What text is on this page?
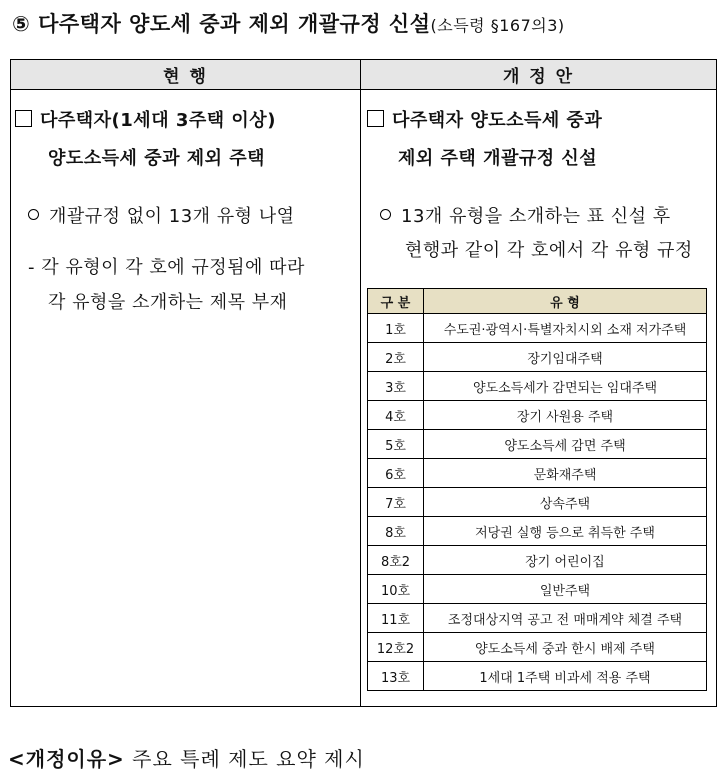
⑤ 다주택자 양도세 중과 제외 개괄규정 신설(소득령 §167의3)
현 행	개 정 안
다주택자(1세대 3주택 이상)
양도소득세 중과 제외 주택
개괄규정 없이 13개 유형 나열
- 각 유형이 각 호에 규정됨에 따라
각 유형을 소개하는 제목 부재
다주택자 양도소득세 중과
제외 주택 개괄규정 신설
13개 유형을 소개하는 표 신설 후
현행과 같이 각 호에서 각 유형 규정
구 분	유 형
1호	수도권·광역시·특별자치시외 소재 저가주택
2호	장기임대주택
3호	양도소득세가 감면되는 임대주택
4호	장기 사원용 주택
5호	양도소득세 감면 주택
6호	문화재주택
7호	상속주택
8호	저당권 실행 등으로 취득한 주택
8호2	장기 어린이집
10호	일반주택
11호	조정대상지역 공고 전 매매계약 체결 주택
12호2	양도소득세 중과 한시 배제 주택
13호	1세대 1주택 비과세 적용 주택
<개정이유> 주요 특례 제도 요약 제시
